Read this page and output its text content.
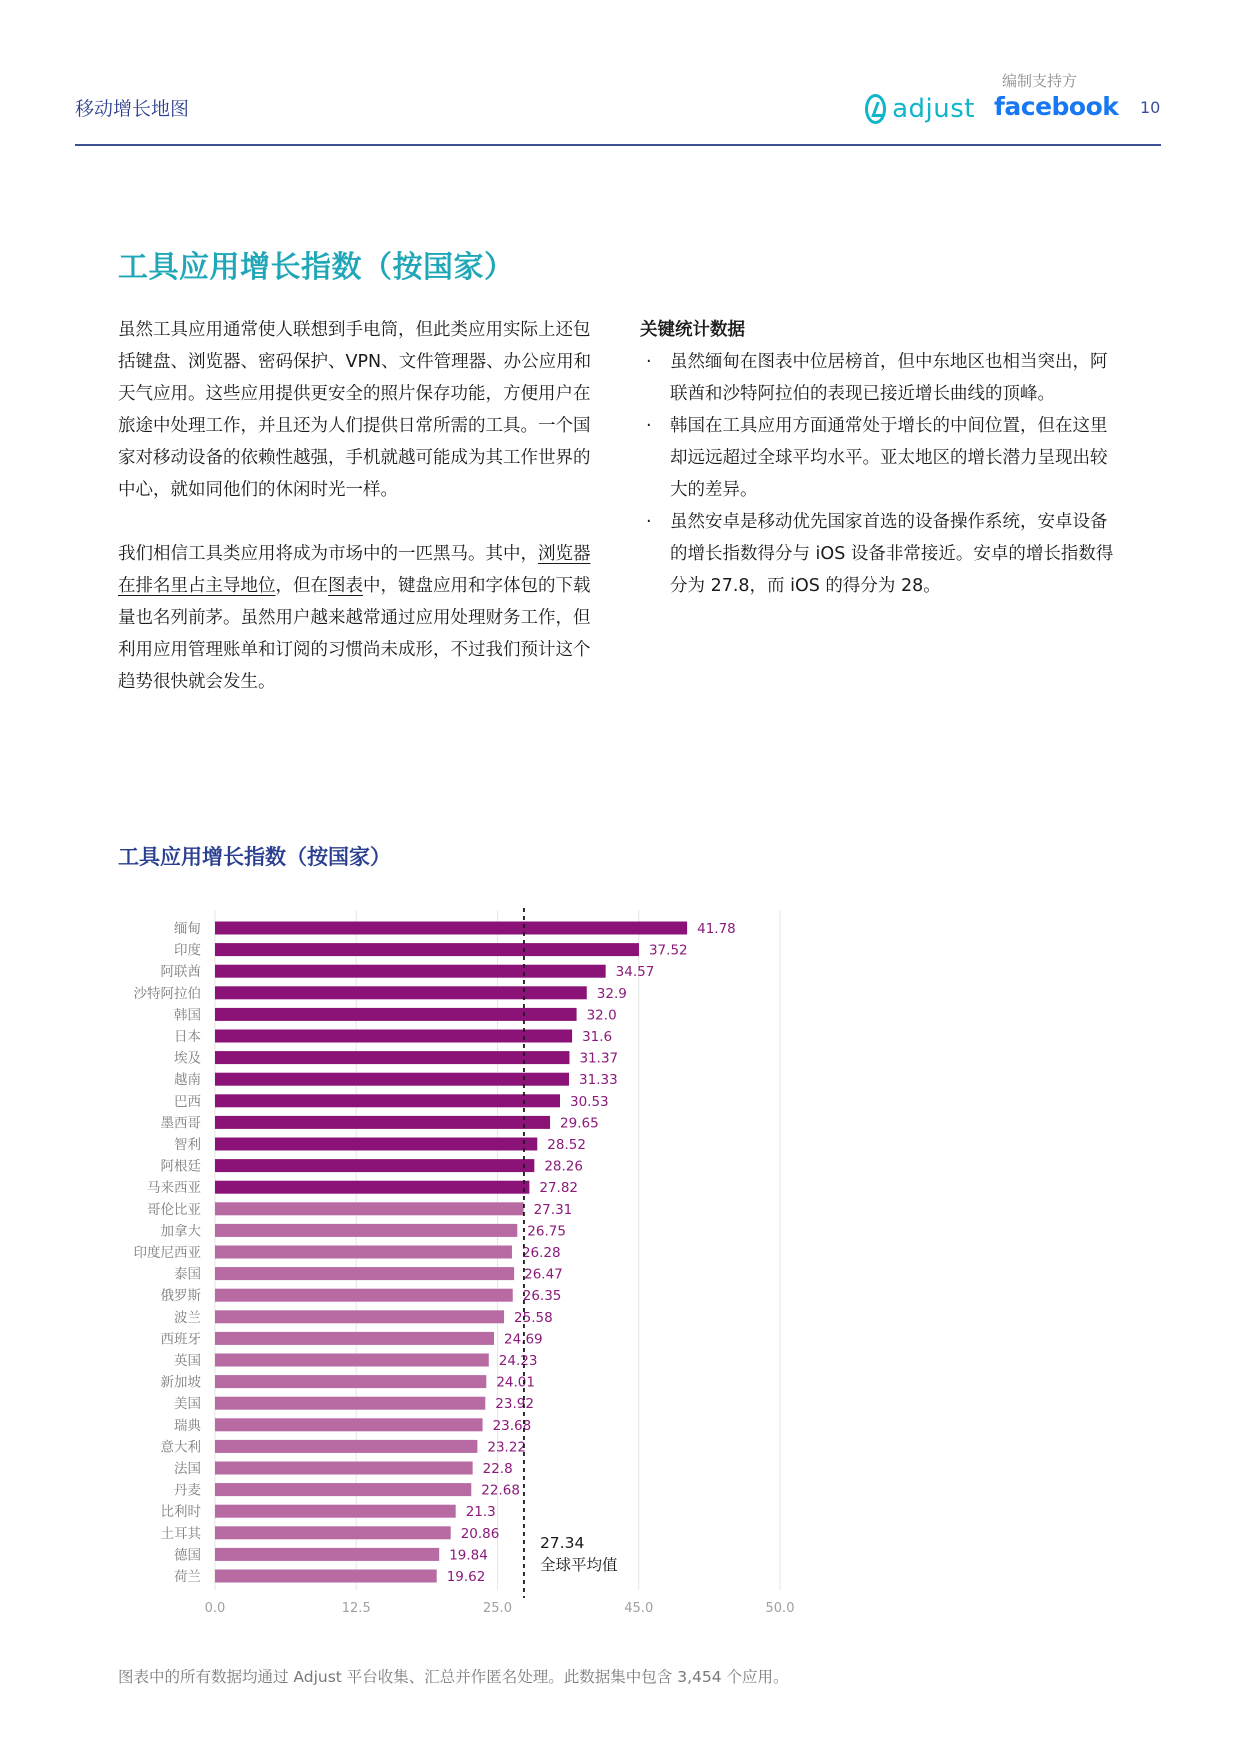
移动增长地图
编制支持方
adjust facebook 10
工具应用增长指数（按国家）

虽然工具应用通常使人联想到手电筒，但此类应用实际上还包括键盘、浏览器、密码保护、VPN、文件管理器、办公应用和天气应用。这些应用提供更安全的照片保存功能，方便用户在旅途中处理工作，并且还为人们提供日常所需的工具。一个国家对移动设备的依赖性越强，手机就越可能成为其工作世界的中心，就如同他们的休闲时光一样。

我们相信工具类应用将成为市场中的一匹黑马。其中，浏览器在排名里占主导地位，但在图表中，键盘应用和字体包的下载量也名列前茅。虽然用户越来越常通过应用处理财务工作，但利用应用管理账单和订阅的习惯尚未成形，不过我们预计这个趋势很快就会发生。

关键统计数据
· 虽然缅甸在图表中位居榜首，但中东地区也相当突出，阿联酋和沙特阿拉伯的表现已接近增长曲线的顶峰。
· 韩国在工具应用方面通常处于增长的中间位置，但在这里却远远超过全球平均水平。亚太地区的增长潜力呈现出较大的差异。
· 虽然安卓是移动优先国家首选的设备操作系统，安卓设备的增长指数得分与 iOS 设备非常接近。安卓的增长指数得分为 27.8，而 iOS 的得分为 28。
工具应用增长指数（按国家）
缅甸
印度
阿联酋
沙特阿拉伯
韩国
日本
埃及
越南
巴西
墨西哥
智利
阿根廷
马来西亚
哥伦比亚
加拿大
印度尼西亚
泰国
俄罗斯
波兰
西班牙
英国
新加坡
美国
瑞典
意大利
法国
丹麦
比利时
土耳其
德国
荷兰
41.78
37.52
34.57
32.9
32.0
31.6
31.37
31.33
30.53
29.65
28.52
28.26
27.82
27.31
26.75
26.28
26.47
26.35
25.58
24.69
24.23
24.01
23.92
23.68
23.22
22.8
22.68
21.3
20.86
19.84
19.62
0.0	12.5	25.0	45.0	50.0
27.34
全球平均值
图表中的所有数据均通过 Adjust 平台收集、汇总并作匿名处理。此数据集中包含 3,454 个应用。
